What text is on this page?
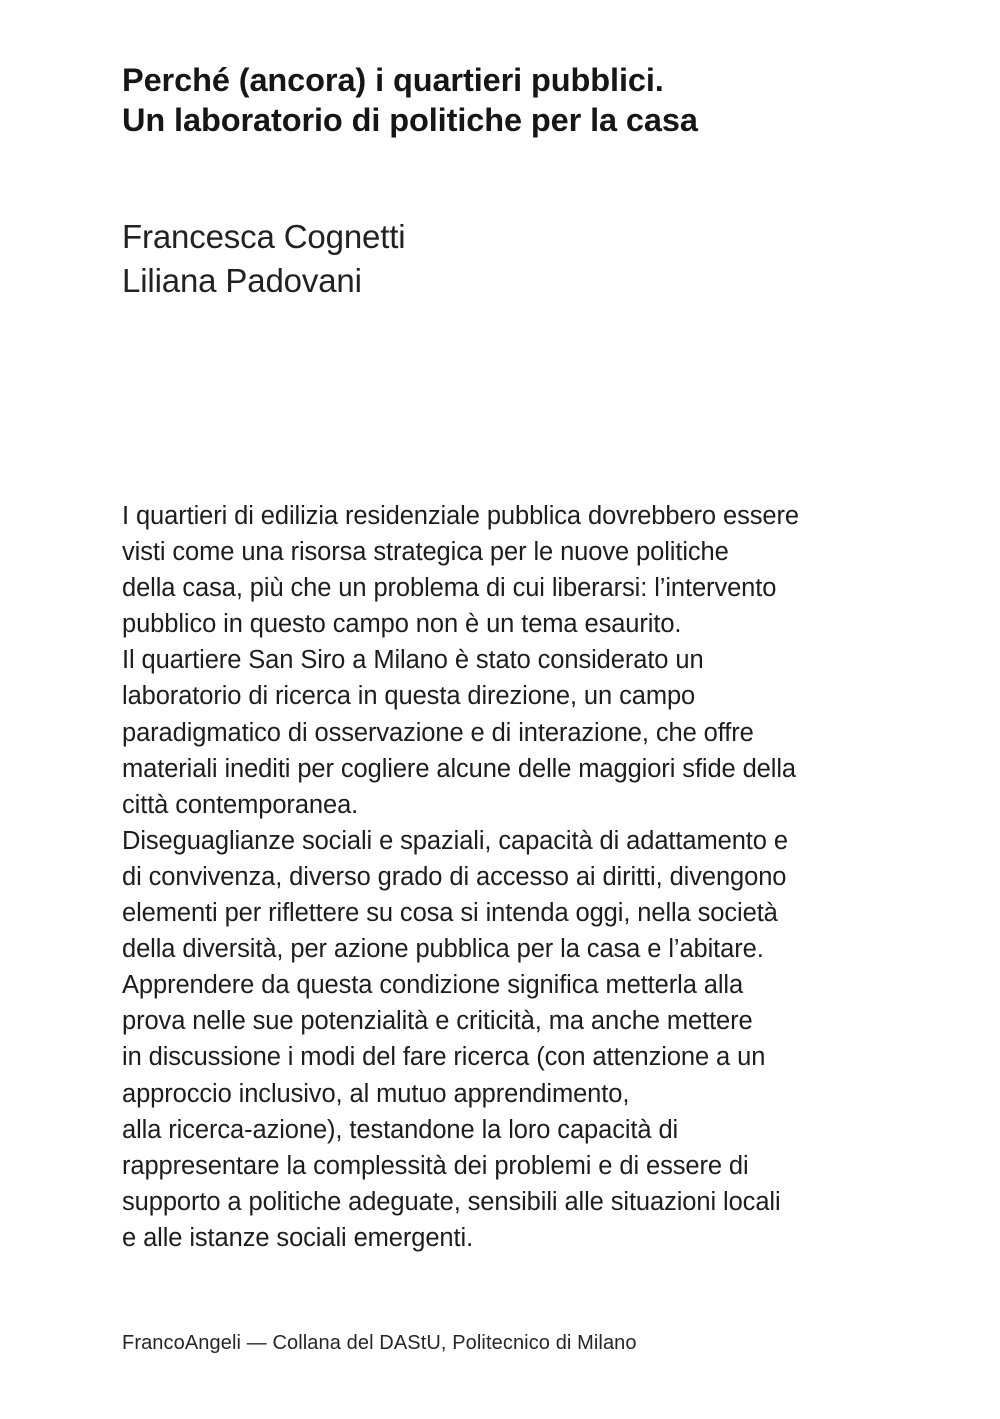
Perché (ancora) i quartieri pubblici.
Un laboratorio di politiche per la casa
Francesca Cognetti
Liliana Padovani
I quartieri di edilizia residenziale pubblica dovrebbero essere
visti come una risorsa strategica per le nuove politiche
della casa, più che un problema di cui liberarsi: l’intervento
pubblico in questo campo non è un tema esaurito.
Il quartiere San Siro a Milano è stato considerato un
laboratorio di ricerca in questa direzione, un campo
paradigmatico di osservazione e di interazione, che offre
materiali inediti per cogliere alcune delle maggiori sfide della
città contemporanea.
Diseguaglianze sociali e spaziali, capacità di adattamento e
di convivenza, diverso grado di accesso ai diritti, divengono
elementi per riflettere su cosa si intenda oggi, nella società
della diversità, per azione pubblica per la casa e l’abitare.
Apprendere da questa condizione significa metterla alla
prova nelle sue potenzialità e criticità, ma anche mettere
in discussione i modi del fare ricerca (con attenzione a un
approccio inclusivo, al mutuo apprendimento,
alla ricerca-azione), testandone la loro capacità di
rappresentare la complessità dei problemi e di essere di
supporto a politiche adeguate, sensibili alle situazioni locali
e alle istanze sociali emergenti.
FrancoAngeli — Collana del DAStU, Politecnico di Milano
